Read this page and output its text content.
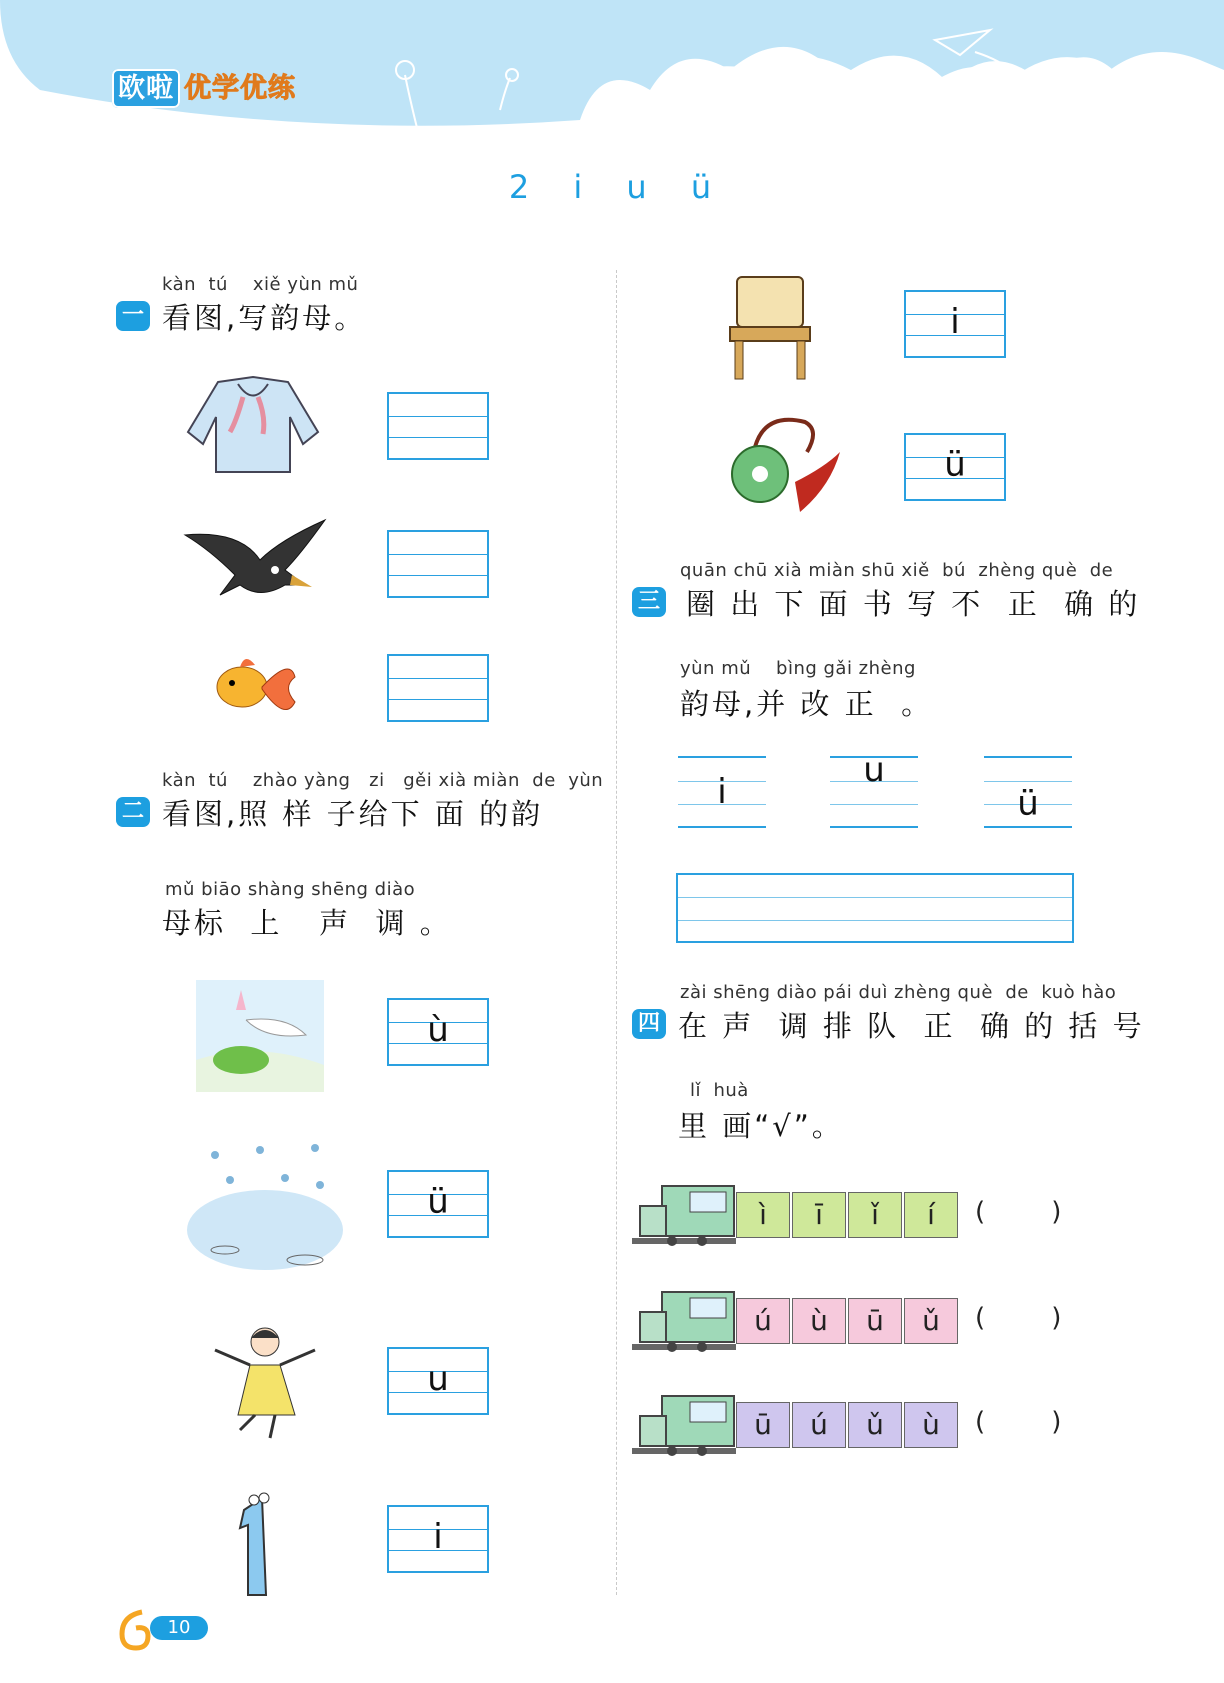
欧啦 优学优练
2 i u ü
kàn  tú    xiě yùn mǔ
一 看图,写韵母。
kàn  tú    zhào yàng   zi   gěi xià miàn  de  yùn
二 看图,照 样 子给下 面 的韵
mǔ biāo shàng shēng diào
母标  上   声  调 。
ù
ü
u
i
i
ü
quān chū xià miàn shū xiě  bú  zhèng què  de
三 圈 出 下 面 书 写 不  正  确 的
yùn mǔ    bìng gǎi zhèng
韵母,并 改 正  。
i
u
ü
zài shēng diào pái duì zhèng què  de  kuò hào
四 在 声  调 排 队  正  确 的 括 号
lǐ  huà
里 画“√”。
ì	ī	ǐ	í	(        )
ú	ù	ū	ǔ	(        )
ū	ú	ǔ	ù	(        )
10
